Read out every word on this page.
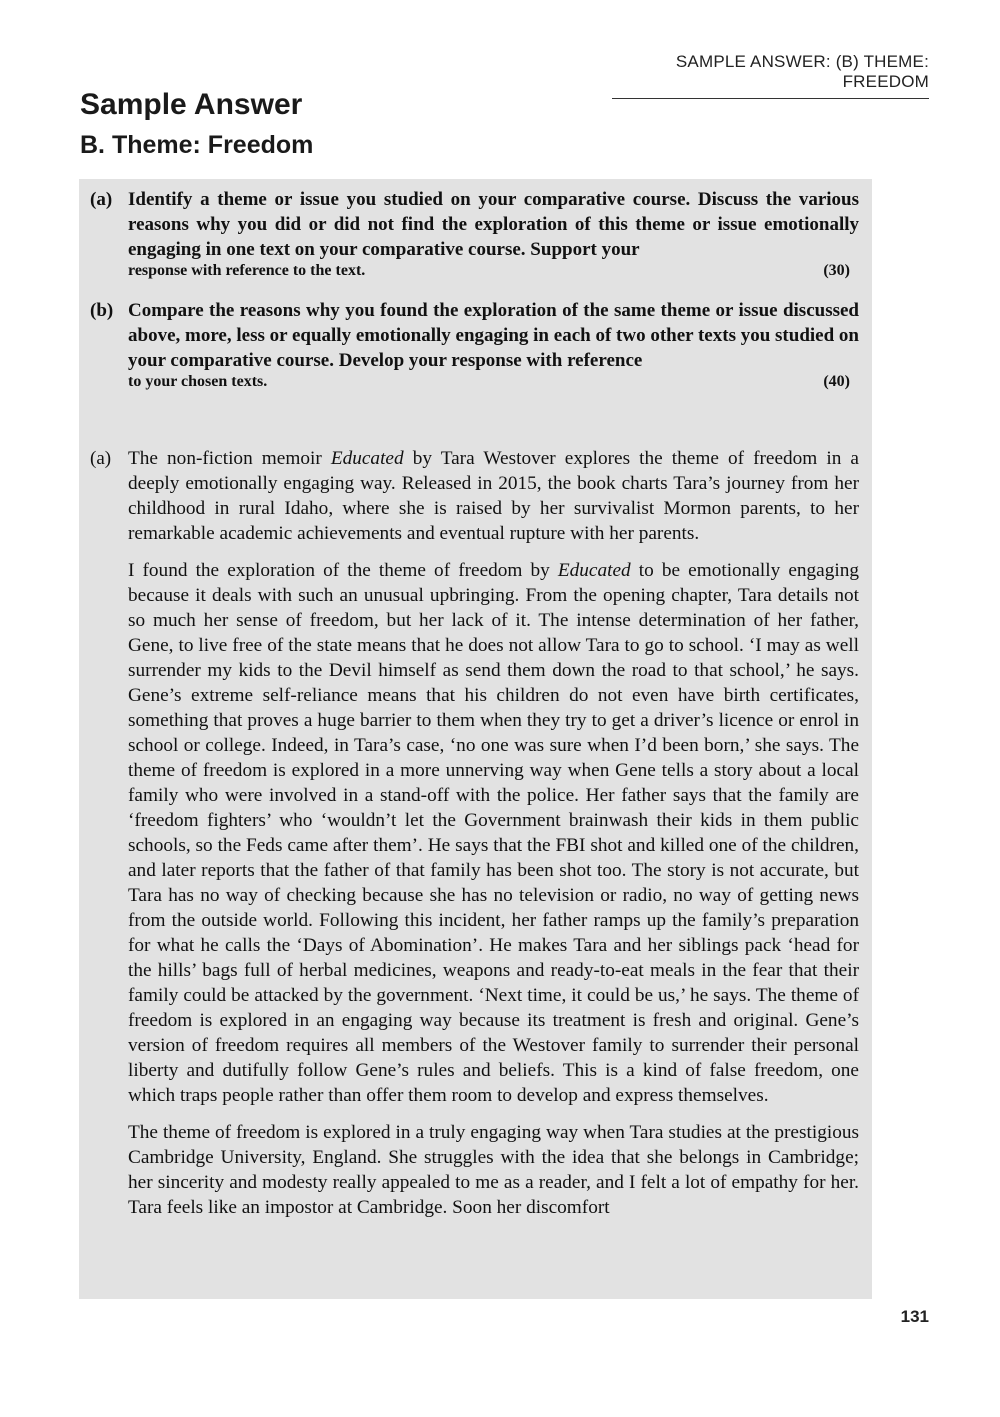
SAMPLE ANSWER: (B) THEME: FREEDOM
Sample Answer
B. Theme: Freedom
(a) Identify a theme or issue you studied on your comparative course. Discuss the various reasons why you did or did not find the exploration of this theme or issue emotionally engaging in one text on your comparative course. Support your

response with reference to the text.	(30)
(b) Compare the reasons why you found the exploration of the same theme or issue discussed above, more, less or equally emotionally engaging in each of two other texts you studied on your comparative course. Develop your response with reference

to your chosen texts.	(40)
(a) The non-fiction memoir Educated by Tara Westover explores the theme of freedom in a deeply emotionally engaging way. Released in 2015, the book charts Tara’s journey from her childhood in rural Idaho, where she is raised by her survivalist Mormon parents, to her remarkable academic achievements and eventual rupture with her parents.

I found the exploration of the theme of freedom by Educated to be emotionally engaging because it deals with such an unusual upbringing. From the opening chapter, Tara details not so much her sense of freedom, but her lack of it. The intense determination of her father, Gene, to live free of the state means that he does not allow Tara to go to school. ‘I may as well surrender my kids to the Devil himself as send them down the road to that school,’ he says. Gene’s extreme self-reliance means that his children do not even have birth certificates, something that proves a huge barrier to them when they try to get a driver’s licence or enrol in school or college. Indeed, in Tara’s case, ‘no one was sure when I’d been born,’ she says. The theme of freedom is explored in a more unnerving way when Gene tells a story about a local family who were involved in a stand-off with the police. Her father says that the family are ‘freedom fighters’ who ‘wouldn’t let the Government brainwash their kids in them public schools, so the Feds came after them’. He says that the FBI shot and killed one of the children, and later reports that the father of that family has been shot too. The story is not accurate, but Tara has no way of checking because she has no television or radio, no way of getting news from the outside world. Following this incident, her father ramps up the family’s preparation for what he calls the ‘Days of Abomination’. He makes Tara and her siblings pack ‘head for the hills’ bags full of herbal medicines, weapons and ready-to-eat meals in the fear that their family could be attacked by the government. ‘Next time, it could be us,’ he says. The theme of freedom is explored in an engaging way because its treatment is fresh and original. Gene’s version of freedom requires all members of the Westover family to surrender their personal liberty and dutifully follow Gene’s rules and beliefs. This is a kind of false freedom, one which traps people rather than offer them room to develop and express themselves.

The theme of freedom is explored in a truly engaging way when Tara studies at the prestigious Cambridge University, England. She struggles with the idea that she belongs in Cambridge; her sincerity and modesty really appealed to me as a reader, and I felt a lot of empathy for her. Tara feels like an impostor at Cambridge. Soon her discomfort

131
